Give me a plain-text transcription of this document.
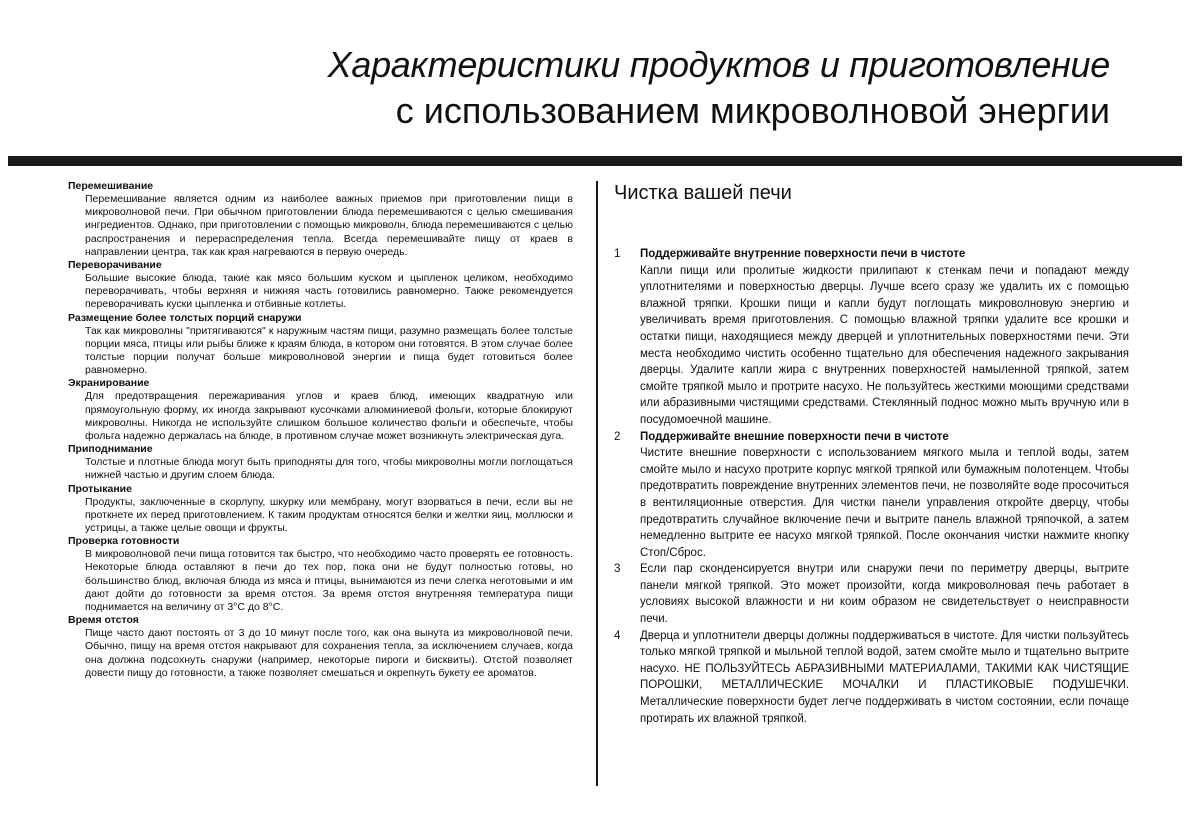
Характеристики продуктов и приготовление
с использованием микроволновой энергии

Перемешивание

Перемешивание является одним из наиболее важных приемов при приготовлении пищи в микроволновой печи. При обычном приготовлении блюда перемешиваются с целью смешивания ингредиентов. Однако, при приготовлении с помощью микроволн, блюда перемешиваются с целью распространения и перераспределения тепла. Всегда перемешивайте пищу от краев в направлении центра, так как края нагреваются в первую очередь.

Переворачивание

Большие высокие блюда, такие как мясо большим куском и цыпленок целиком, необходимо переворачивать, чтобы верхняя и нижняя часть готовились равномерно. Также рекомендуется переворачивать куски цыпленка и отбивные котлеты.

Размещение более толстых порций снаружи

Так как микроволны "притягиваются" к наружным частям пищи, разумно размещать более толстые порции мяса, птицы или рыбы ближе к краям блюда, в котором они готовятся. В этом случае более толстые порции получат больше микроволновой энергии и пища будет готовиться более равномерно.

Экранирование

Для предотвращения пережаривания углов и краев блюд, имеющих квадратную или прямоугольную форму, их иногда закрывают кусочками алюминиевой фольги, которые блокируют микроволны. Никогда не используйте слишком большое количество фольги и обеспечьте, чтобы фольга надежно держалась на блюде, в противном случае может возникнуть электрическая дуга.

Приподнимание

Толстые и плотные блюда могут быть приподняты для того, чтобы микроволны могли поглощаться нижней частью и другим слоем блюда.

Протыкание

Продукты, заключенные в скорлупу, шкурку или мембрану, могут взорваться в печи, если вы не проткнете их перед приготовлением. К таким продуктам относятся белки и желтки яиц, моллюски и устрицы, а также целые овощи и фрукты.

Проверка готовности

В микроволновой печи пища готовится так быстро, что необходимо часто проверять ее готовность. Некоторые блюда оставляют в печи до тех пор, пока они не будут полностью готовы, но большинство блюд, включая блюда из мяса и птицы, вынимаются из печи слегка неготовыми и им дают дойти до готовности за время отстоя. За время отстоя внутренняя температура пищи поднимается на величину от 3°С до 8°С.

Время отстоя

Пище часто дают постоять от 3 до 10 минут после того, как она вынута из микроволновой печи. Обычно, пищу на время отстоя накрывают для сохранения тепла, за исключением случаев, когда она должна подсохнуть снаружи (например, некоторые пироги и бисквиты). Отстой позволяет довести пищу до готовности, а также позволяет смешаться и окрепнуть букету ее ароматов.

Чистка вашей печи
1 Поддерживайте внутренние поверхности печи в чистоте
Капли пищи или пролитые жидкости прилипают к стенкам печи и попадают между уплотнителями и поверхностью дверцы. Лучше всего сразу же удалить их с помощью влажной тряпки. Крошки пищи и капли будут поглощать микроволновую энергию и увеличивать время приготовления. С помощью влажной тряпки удалите все крошки и остатки пищи, находящиеся между дверцей и уплотнительных поверхностями печи. Эти места необходимо чистить особенно тщательно для обеспечения надежного закрывания дверцы. Удалите капли жира с внутренних поверхностей намыленной тряпкой, затем смойте тряпкой мыло и протрите насухо. Не пользуйтесь жесткими моющими средствами или абразивными чистящими средствами. Стеклянный поднос можно мыть вручную или в посудомоечной машине.
2 Поддерживайте внешние поверхности печи в чистоте
Чистите внешние поверхности с использованием мягкого мыла и теплой воды, затем смойте мыло и насухо протрите корпус мягкой тряпкой или бумажным полотенцем. Чтобы предотвратить повреждение внутренних элементов печи, не позволяйте воде просочиться в вентиляционные отверстия. Для чистки панели управления откройте дверцу, чтобы предотвратить случайное включение печи и вытрите панель влажной тряпочкой, а затем немедленно вытрите ее насухо мягкой тряпкой. После окончания чистки нажмите кнопку Стоп/Сброс.
3 Если пар сконденсируется внутри или снаружи печи по периметру дверцы, вытрите панели мягкой тряпкой. Это может произойти, когда микроволновая печь работает в условиях высокой влажности и ни коим образом не свидетельствует о неисправности печи.
4 Дверца и уплотнители дверцы должны поддерживаться в чистоте. Для чистки пользуйтесь только мягкой тряпкой и мыльной теплой водой, затем смойте мыло и тщательно вытрите насухо. НЕ ПОЛЬЗУЙТЕСЬ АБРАЗИВНЫМИ МАТЕРИАЛАМИ, ТАКИМИ КАК ЧИСТЯЩИЕ ПОРОШКИ, МЕТАЛЛИЧЕСКИЕ МОЧАЛКИ И ПЛАСТИКОВЫЕ ПОДУШЕЧКИ. Металлические поверхности будет легче поддерживать в чистом состоянии, если почаще протирать их влажной тряпкой.
